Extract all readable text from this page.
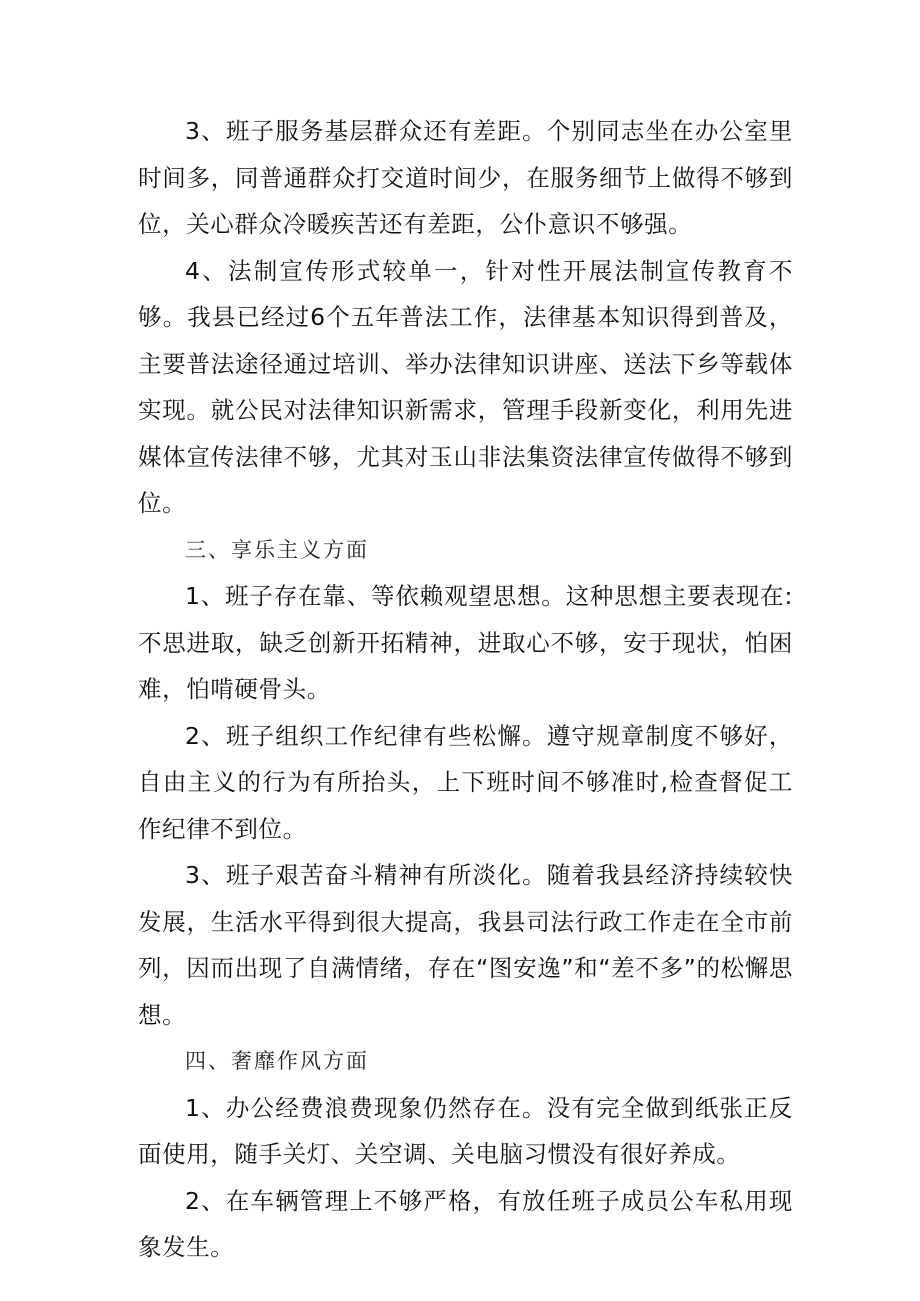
3、班子服务基层群众还有差距。个别同志坐在办公室里时间多，同普通群众打交道时间少，在服务细节上做得不够到位，关心群众冷暖疾苦还有差距，公仆意识不够强。

4、法制宣传形式较单一，针对性开展法制宣传教育不够。我县已经过6个五年普法工作，法律基本知识得到普及，主要普法途径通过培训、举办法律知识讲座、送法下乡等载体实现。就公民对法律知识新需求，管理手段新变化，利用先进媒体宣传法律不够，尤其对玉山非法集资法律宣传做得不够到位。

三、享乐主义方面

1、班子存在靠、等依赖观望思想。这种思想主要表现在:不思进取，缺乏创新开拓精神，进取心不够，安于现状，怕困难，怕啃硬骨头。

2、班子组织工作纪律有些松懈。遵守规章制度不够好，自由主义的行为有所抬头，上下班时间不够准时,检查督促工作纪律不到位。

3、班子艰苦奋斗精神有所淡化。随着我县经济持续较快发展，生活水平得到很大提高，我县司法行政工作走在全市前列，因而出现了自满情绪，存在“图安逸”和“差不多”的松懈思想。

四、奢靡作风方面

1、办公经费浪费现象仍然存在。没有完全做到纸张正反面使用，随手关灯、关空调、关电脑习惯没有很好养成。

2、在车辆管理上不够严格，有放任班子成员公车私用现象发生。
